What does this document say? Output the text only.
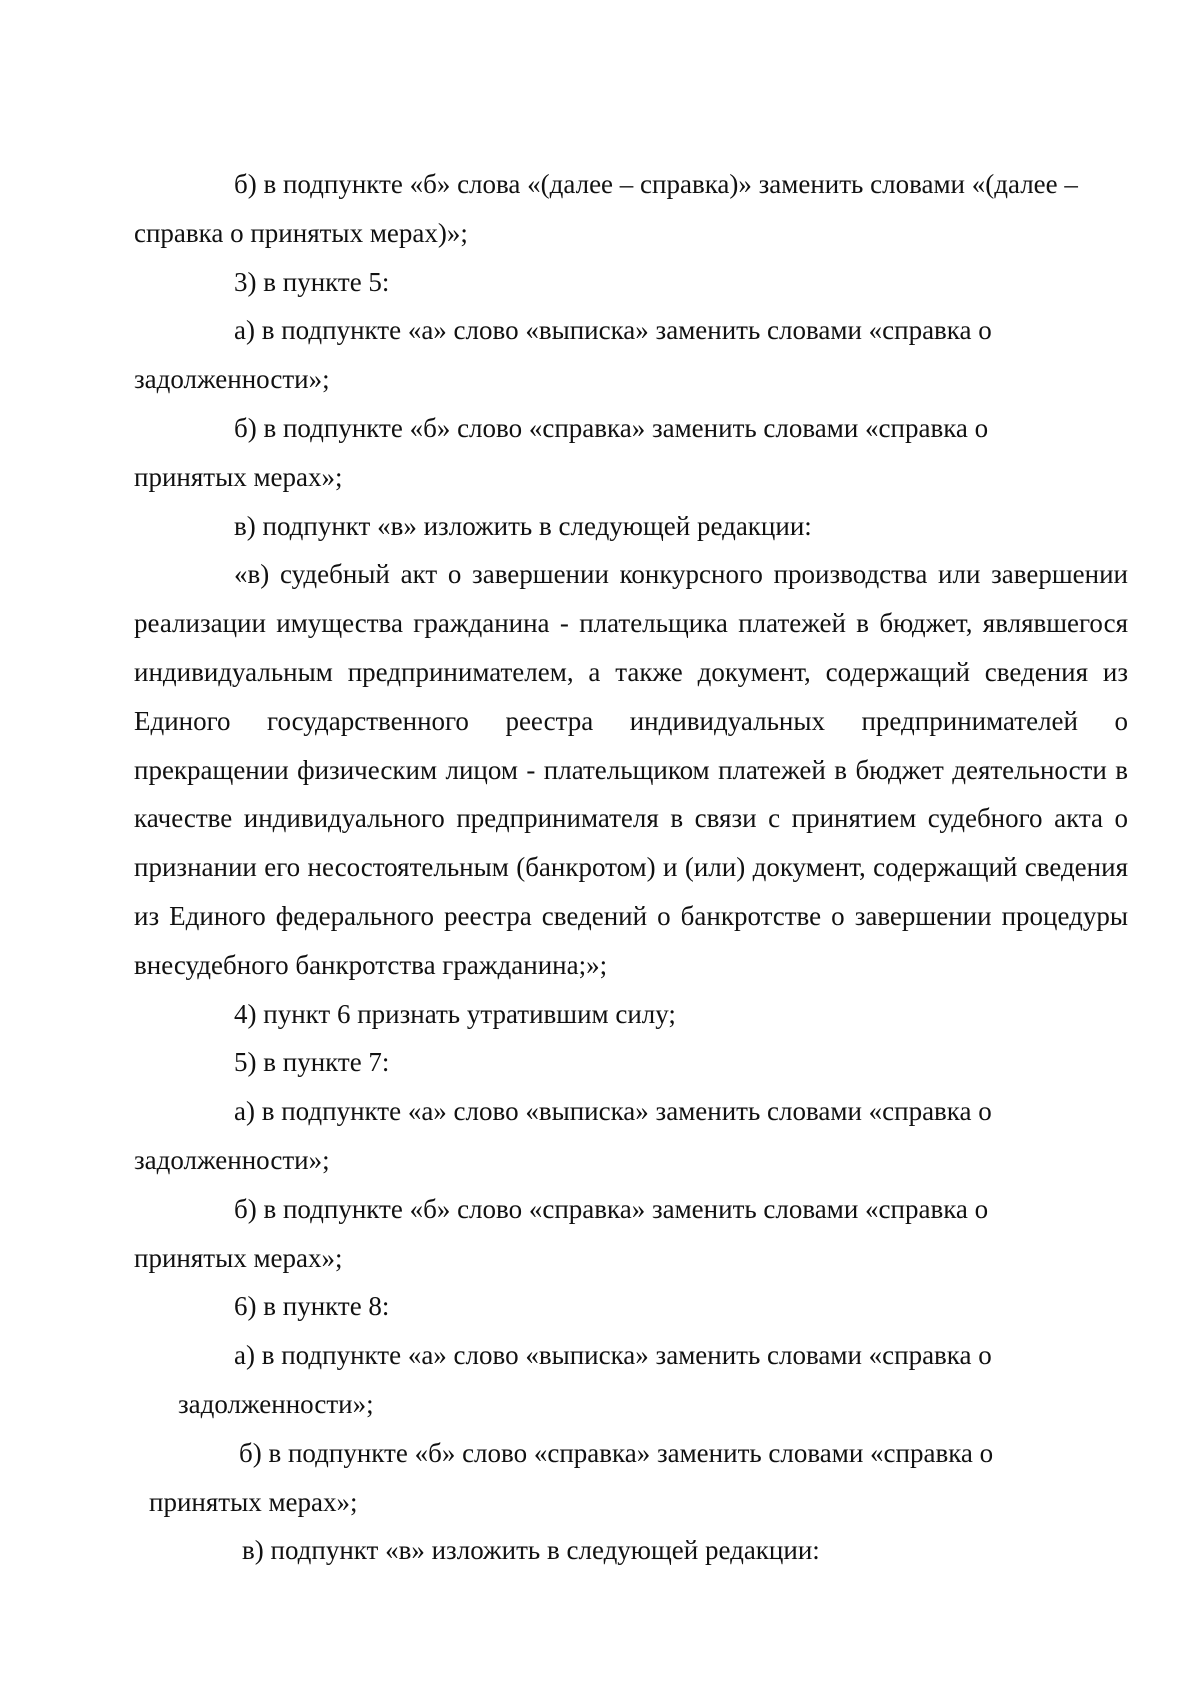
б) в подпункте «б» слова «(далее – справка)» заменить словами «(далее –
справка о принятых мерах)»;

3) в пункте 5:

а) в подпункте «а» слово «выписка» заменить словами «справка о
задолженности»;

б) в подпункте «б» слово «справка» заменить словами «справка о
принятых мерах»;

в) подпункт «в» изложить в следующей редакции:

«в) судебный акт о завершении конкурсного производства или завершении реализации имущества гражданина - плательщика платежей в бюджет, являвшегося индивидуальным предпринимателем, а также документ, содержащий сведения из Единого государственного реестра индивидуальных предпринимателей о прекращении физическим лицом - плательщиком платежей в бюджет деятельности в качестве индивидуального предпринимателя в связи с принятием судебного акта о признании его несостоятельным (банкротом) и (или) документ, содержащий сведения из Единого федерального реестра сведений о банкротстве о завершении процедуры внесудебного банкротства гражданина;»;

4) пункт 6 признать утратившим силу;

5) в пункте 7:

а) в подпункте «а» слово «выписка» заменить словами «справка о
задолженности»;

б) в подпункте «б» слово «справка» заменить словами «справка о
принятых мерах»;

6) в пункте 8:

а) в подпункте «а» слово «выписка» заменить словами «справка о
задолженности»;

б) в подпункте «б» слово «справка» заменить словами «справка о
принятых мерах»;

в) подпункт «в» изложить в следующей редакции:
